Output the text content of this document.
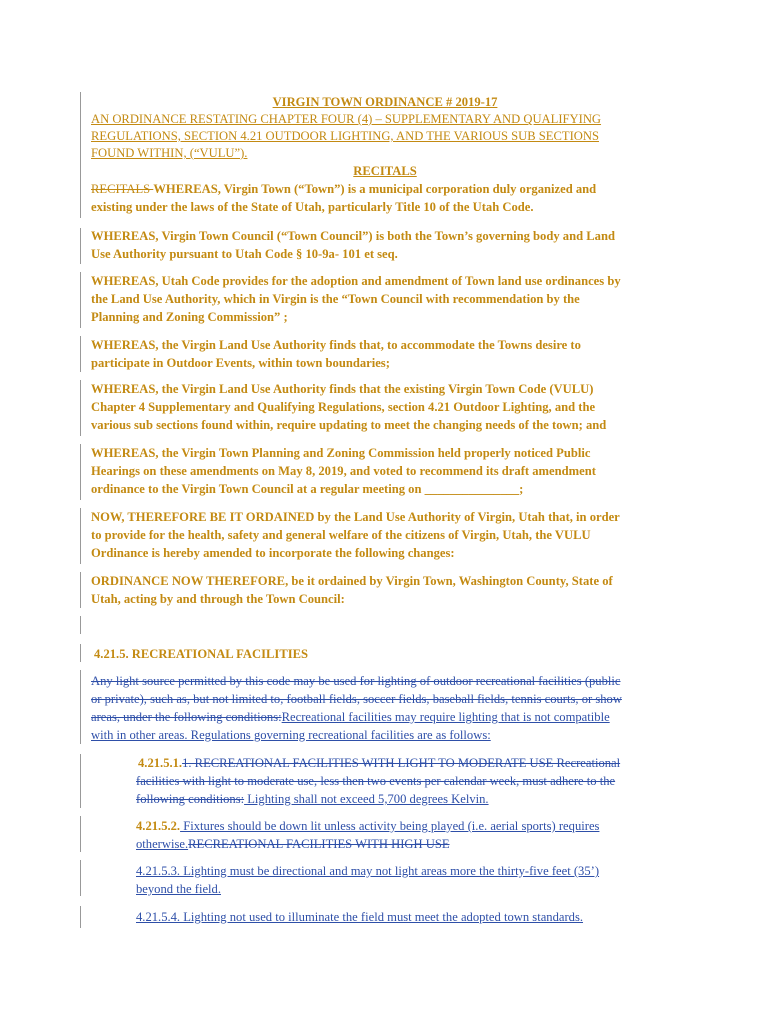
VIRGIN TOWN ORDINANCE # 2019-17
AN ORDINANCE RESTATING CHAPTER FOUR (4) – SUPPLEMENTARY AND QUALIFYING
REGULATIONS, SECTION 4.21 OUTDOOR LIGHTING, AND THE VARIOUS SUB SECTIONS
FOUND WITHIN, (“VULU”).
RECITALS
RECITALS WHEREAS, Virgin Town (“Town”) is a municipal corporation duly organized and
existing under the laws of the State of Utah, particularly Title 10 of the Utah Code.
WHEREAS, Virgin Town Council (“Town Council”) is both the Town’s governing body and Land
Use Authority pursuant to Utah Code § 10-9a- 101 et seq.
WHEREAS, Utah Code provides for the adoption and amendment of Town land use ordinances by
the Land Use Authority, which in Virgin is the “Town Council with recommendation by the
Planning and Zoning Commission” ;
WHEREAS, the Virgin Land Use Authority finds that, to accommodate the Towns desire to
participate in Outdoor Events, within town boundaries;
WHEREAS, the Virgin Land Use Authority finds that the existing Virgin Town Code (VULU)
Chapter 4 Supplementary and Qualifying Regulations, section 4.21 Outdoor Lighting, and the
various sub sections found within, require updating to meet the changing needs of the town; and
WHEREAS, the Virgin Town Planning and Zoning Commission held properly noticed Public
Hearings on these amendments on May 8, 2019, and voted to recommend its draft amendment
ordinance to the Virgin Town Council at a regular meeting on _______________;
NOW, THEREFORE BE IT ORDAINED by the Land Use Authority of Virgin, Utah that, in order
to provide for the health, safety and general welfare of the citizens of Virgin, Utah, the VULU
Ordinance is hereby amended to incorporate the following changes:
ORDINANCE NOW THEREFORE, be it ordained by Virgin Town, Washington County, State of
Utah, acting by and through the Town Council:
4.21.5. RECREATIONAL FACILITIES
Any light source permitted by this code may be used for lighting of outdoor recreational facilities (public
or private), such as, but not limited to, football fields, soccer fields, baseball fields, tennis courts, or show
areas, under the following conditions:Recreational facilities may require lighting that is not compatible
with in other areas. Regulations governing recreational facilities are as follows:
4.21.5.1.1. RECREATIONAL FACILITIES WITH LIGHT TO MODERATE USE Recreational
facilities with light to moderate use, less then two events per calendar week, must adhere to the
following conditions: Lighting shall not exceed 5,700 degrees Kelvin.
4.21.5.2. Fixtures should be down lit unless activity being played (i.e. aerial sports) requires
otherwise.RECREATIONAL FACILITIES WITH HIGH USE
4.21.5.3. Lighting must be directional and may not light areas more the thirty-five feet (35’)
beyond the field.
4.21.5.4. Lighting not used to illuminate the field must meet the adopted town standards.
